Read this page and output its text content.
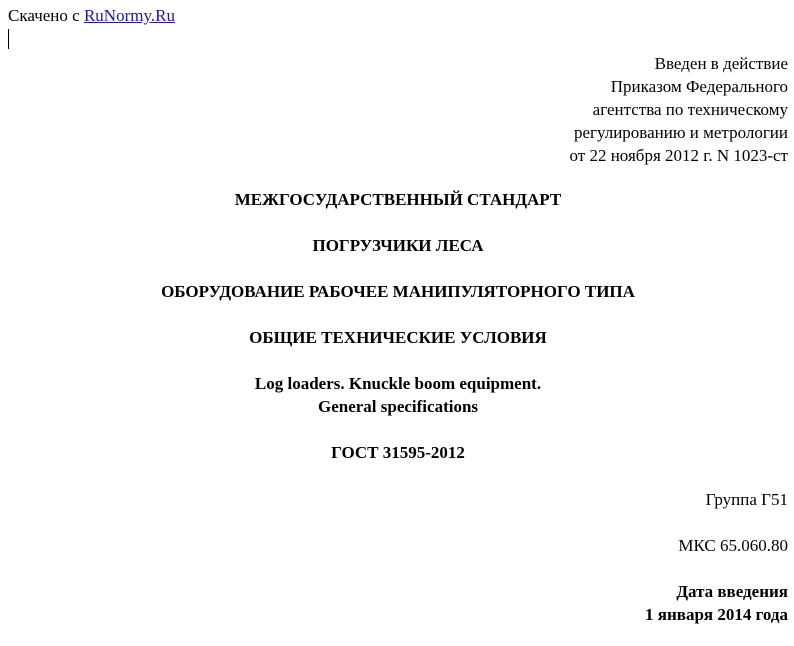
Скачено с RuNormy.Ru
Введен в действие
Приказом Федерального
агентства по техническому
регулированию и метрологии
от 22 ноября 2012 г. N 1023-ст
МЕЖГОСУДАРСТВЕННЫЙ СТАНДАРТ
ПОГРУЗЧИКИ ЛЕСА
ОБОРУДОВАНИЕ РАБОЧЕЕ МАНИПУЛЯТОРНОГО ТИПА
ОБЩИЕ ТЕХНИЧЕСКИЕ УСЛОВИЯ
Log loaders. Knuckle boom equipment.
General specifications
ГОСТ 31595-2012
Группа Г51
МКС 65.060.80
Дата введения
1 января 2014 года
